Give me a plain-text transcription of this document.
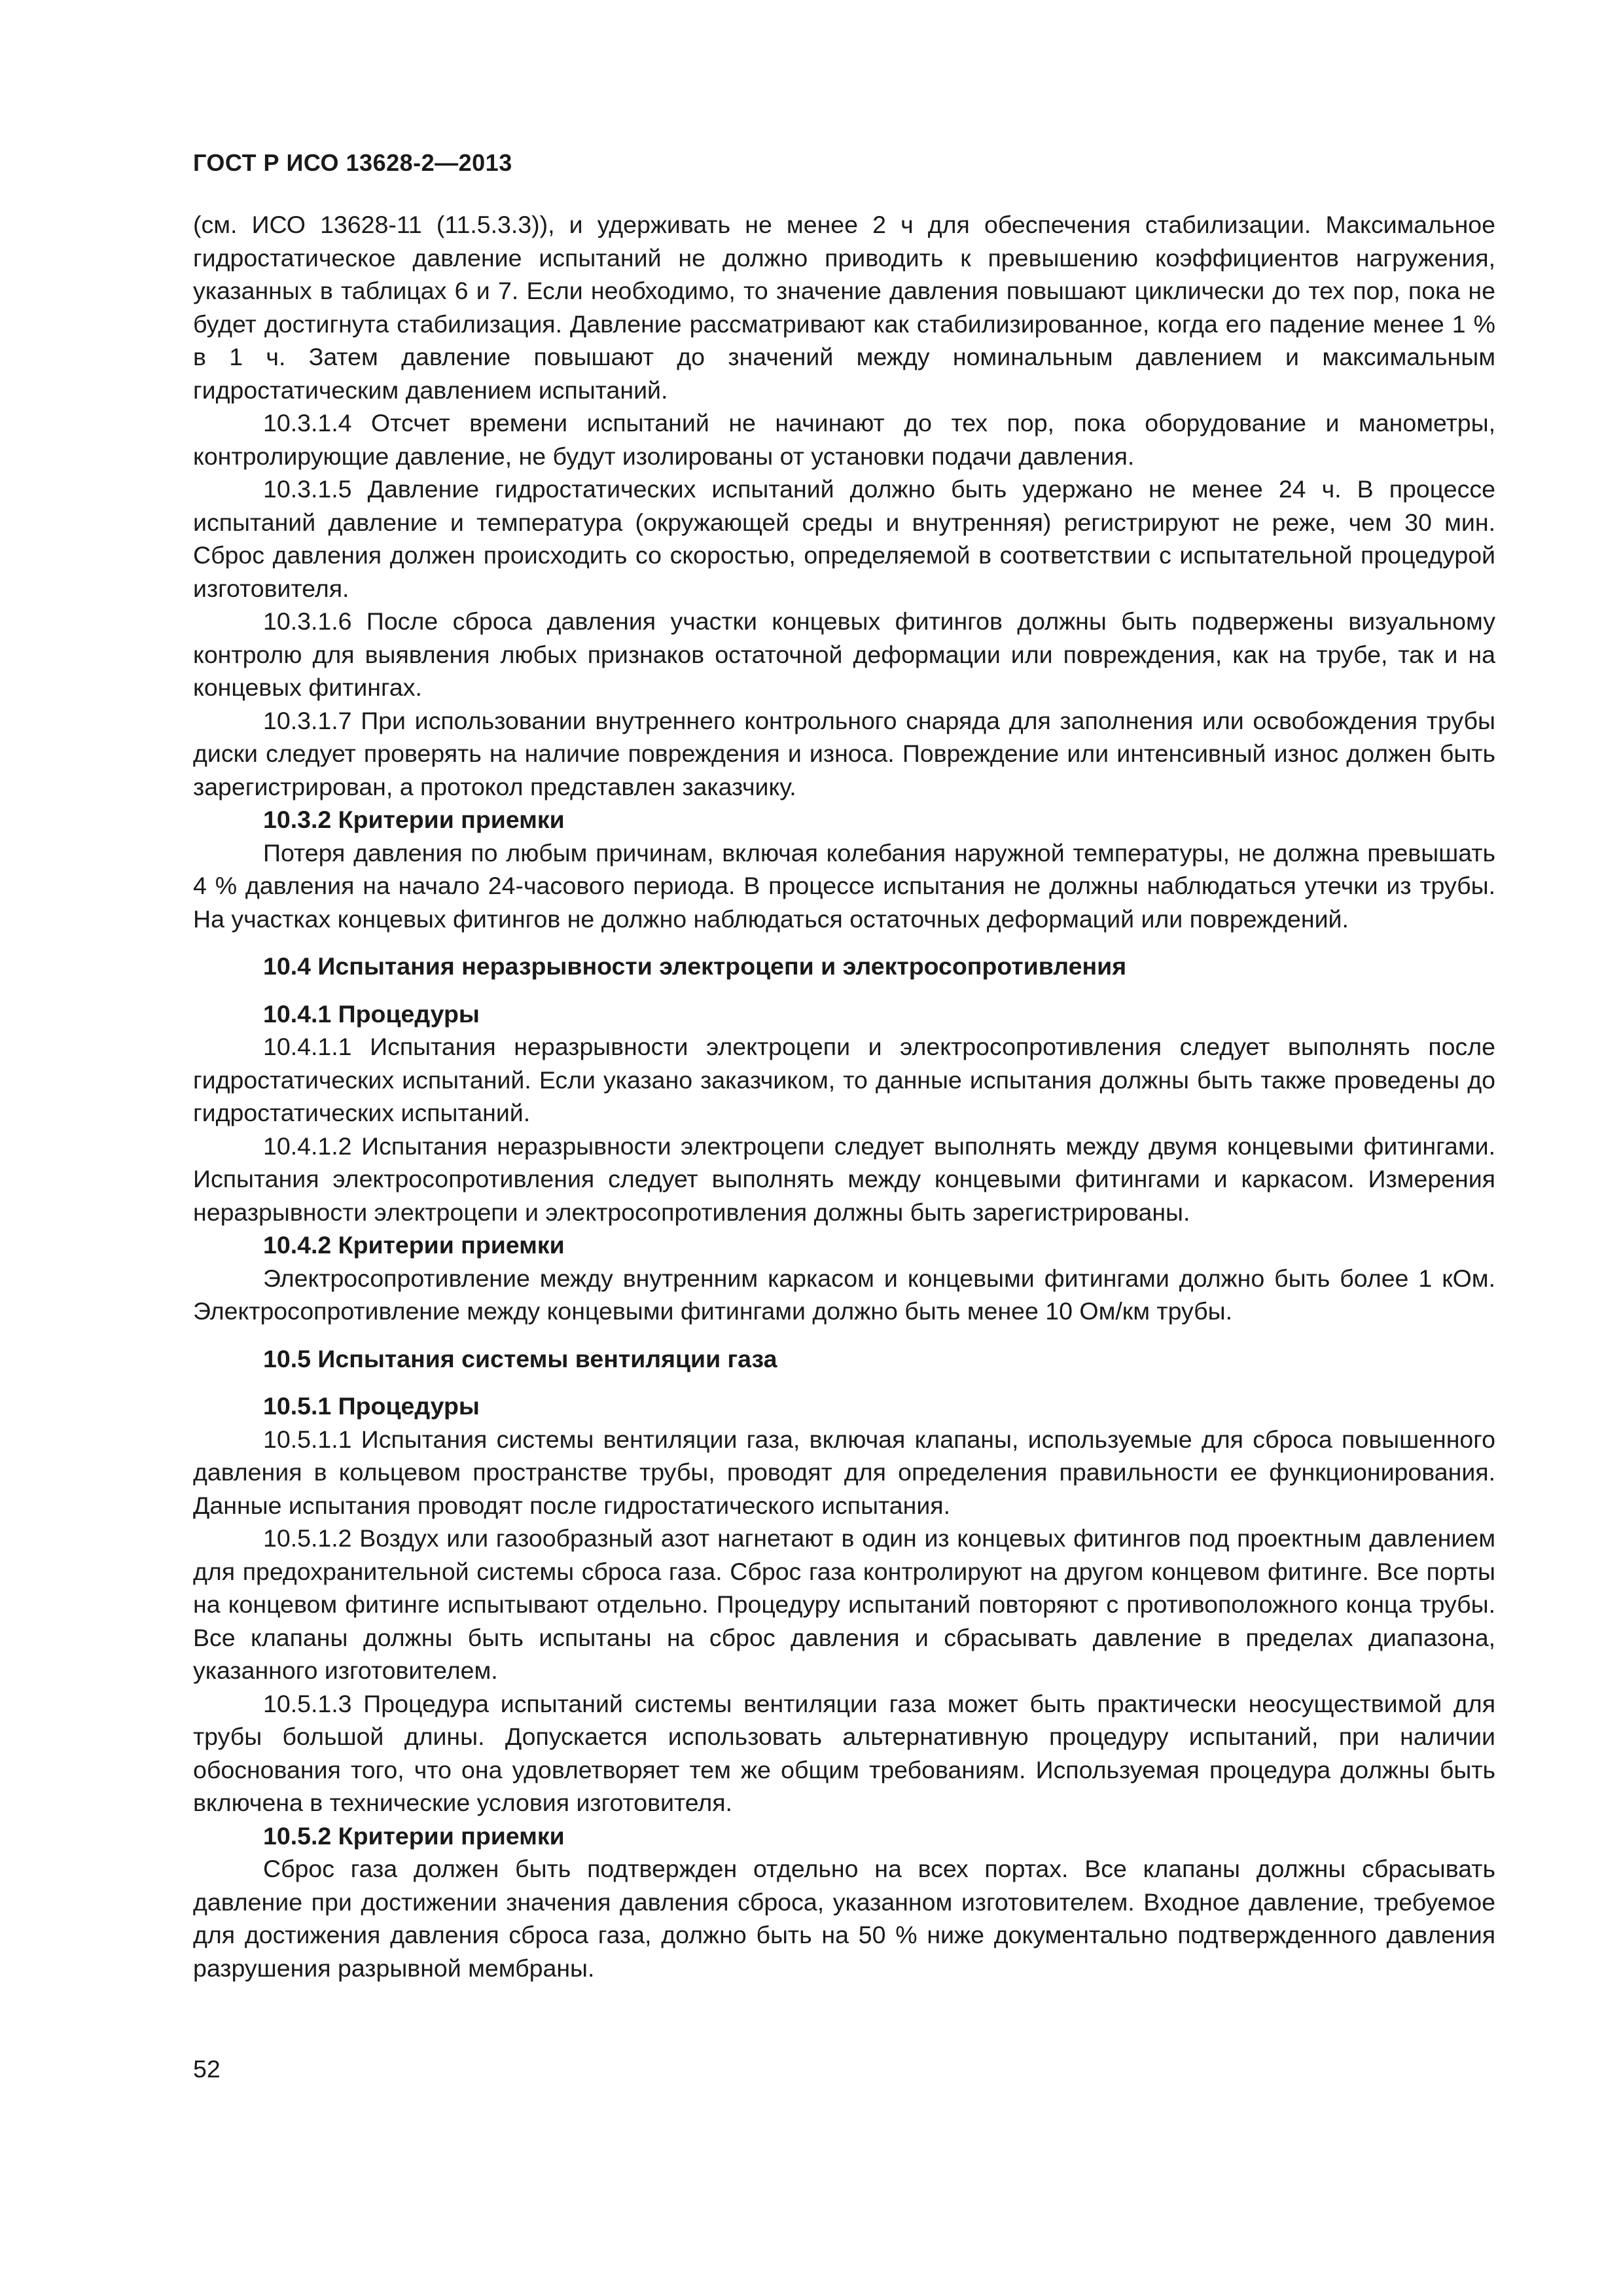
ГОСТ Р ИСО 13628-2—2013

(см. ИСО 13628-11 (11.5.3.3)), и удерживать не менее 2 ч для обеспечения стабилизации. Максимальное гидростатическое давление испытаний не должно приводить к превышению коэффициентов нагружения, указанных в таблицах 6 и 7. Если необходимо, то значение давления повышают циклически до тех пор, пока не будет достигнута стабилизация. Давление рассматривают как стабилизированное, когда его падение менее 1 % в 1 ч. Затем давление повышают до значений между номинальным давлением и максимальным гидростатическим давлением испытаний.

10.3.1.4 Отсчет времени испытаний не начинают до тех пор, пока оборудование и манометры, контролирующие давление, не будут изолированы от установки подачи давления.

10.3.1.5 Давление гидростатических испытаний должно быть удержано не менее 24 ч. В процессе испытаний давление и температура (окружающей среды и внутренняя) регистрируют не реже, чем 30 мин. Сброс давления должен происходить со скоростью, определяемой в соответствии с испытательной процедурой изготовителя.

10.3.1.6 После сброса давления участки концевых фитингов должны быть подвержены визуальному контролю для выявления любых признаков остаточной деформации или повреждения, как на трубе, так и на концевых фитингах.

10.3.1.7 При использовании внутреннего контрольного снаряда для заполнения или освобождения трубы диски следует проверять на наличие повреждения и износа. Повреждение или интенсивный износ должен быть зарегистрирован, а протокол представлен заказчику.

10.3.2 Критерии приемки

Потеря давления по любым причинам, включая колебания наружной температуры, не должна превышать 4 % давления на начало 24-часового периода. В процессе испытания не должны наблюдаться утечки из трубы. На участках концевых фитингов не должно наблюдаться остаточных деформаций или повреждений.

10.4 Испытания неразрывности электроцепи и электросопротивления

10.4.1 Процедуры

10.4.1.1 Испытания неразрывности электроцепи и электросопротивления следует выполнять после гидростатических испытаний. Если указано заказчиком, то данные испытания должны быть также проведены до гидростатических испытаний.

10.4.1.2 Испытания неразрывности электроцепи следует выполнять между двумя концевыми фитингами. Испытания электросопротивления следует выполнять между концевыми фитингами и каркасом. Измерения неразрывности электроцепи и электросопротивления должны быть зарегистрированы.

10.4.2 Критерии приемки

Электросопротивление между внутренним каркасом и концевыми фитингами должно быть более 1 кОм. Электросопротивление между концевыми фитингами должно быть менее 10 Ом/км трубы.

10.5 Испытания системы вентиляции газа

10.5.1 Процедуры

10.5.1.1 Испытания системы вентиляции газа, включая клапаны, используемые для сброса повышенного давления в кольцевом пространстве трубы, проводят для определения правильности ее функционирования. Данные испытания проводят после гидростатического испытания.

10.5.1.2 Воздух или газообразный азот нагнетают в один из концевых фитингов под проектным давлением для предохранительной системы сброса газа. Сброс газа контролируют на другом концевом фитинге. Все порты на концевом фитинге испытывают отдельно. Процедуру испытаний повторяют с противоположного конца трубы. Все клапаны должны быть испытаны на сброс давления и сбрасывать давление в пределах диапазона, указанного изготовителем.

10.5.1.3 Процедура испытаний системы вентиляции газа может быть практически неосуществимой для трубы большой длины. Допускается использовать альтернативную процедуру испытаний, при наличии обоснования того, что она удовлетворяет тем же общим требованиям. Используемая процедура должны быть включена в технические условия изготовителя.

10.5.2 Критерии приемки

Сброс газа должен быть подтвержден отдельно на всех портах. Все клапаны должны сбрасывать давление при достижении значения давления сброса, указанном изготовителем. Входное давление, требуемое для достижения давления сброса газа, должно быть на 50 % ниже документально подтвержденного давления разрушения разрывной мембраны.

52
